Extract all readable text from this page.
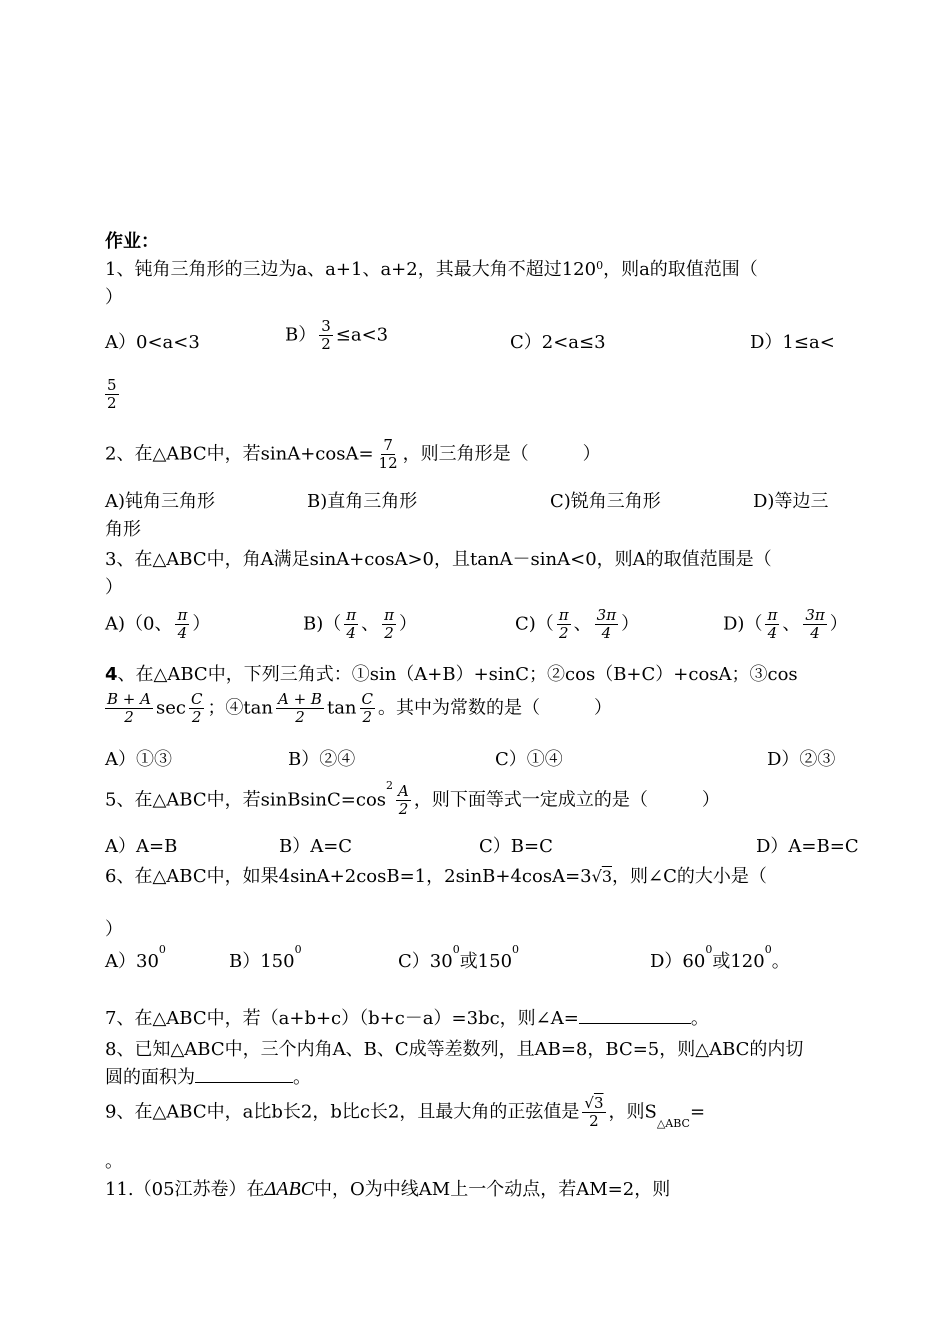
作业：
1、钝角三角形的三边为a、a+1、a+2，其最大角不超过$120^0$，则a的取值范围（
）
A）0<a<3	$B) \frac{3}{2} \le a<3$	C）2<a≤3	D）1≤a<
$\frac{5}{2}$
2、在△ABC中，若$\sin A+\cos A= \frac{7}{12}$ ，则三角形是（　　　）
A)钝角三角形	B)直角三角形	C)锐角三角形	D)等边三
角形
3、在△ABC中，角A满足sinA+cosA>0，且tanA－sinA<0，则A的取值范围是（
）
A)（0、 $\frac{\pi}{4}$ ）	$B)( \frac{\pi}{4}$ 、 $\frac{\pi}{2}$ ）	$C)( \frac{\pi}{2}$ 、 $\frac{3\pi}{4}$ ）	$D)( \frac{\pi}{4}$ 、 $\frac{3\pi}{4}$ ）
4、在△ABC中，下列三角式：①sin（A+B）+sinC；②cos（B+C）+cosA；③cos
$\frac{B + A}{2}$ $\sec \frac{C}{2}$ ；④tan $\frac{A + B}{2}$ $\tan \frac{C}{2}$ 。其中为常数的是（　　　）
A）①③	B）②④	C）①④	D）②③
5、在△ABC中，若$sinBsinC=\cos^2 \frac{A}{2}$ ，则下面等式一定成立的是（　　　）
A）A=B	B）A=C	C）B=C	D）A=B=C
6、在△ABC中，如果4sinA+2cosB=1，2sinB+4cosA=3√3，则∠C的大小是（
）
$A)30^0$
$B)150^0$
$C)30^0$或$150^0$
$D)60^0$或$120^0$。
7、在△ABC中，若（a+b+c）（b+c－a）=3bc，则∠A=	。
8、已知△ABC中，三个内角A、B、C成等差数列，且AB=8，BC=5，则△ABC的内切
圆的面积为	。
9、在△ABC中，a比b长2，b比c长2，且最大角的正弦值是 $\frac{√3}{2}$ ，则S△ABC=
。
11.（05江苏卷）在ΔABC中，O为中线AM上一个动点，若AM=2，则
